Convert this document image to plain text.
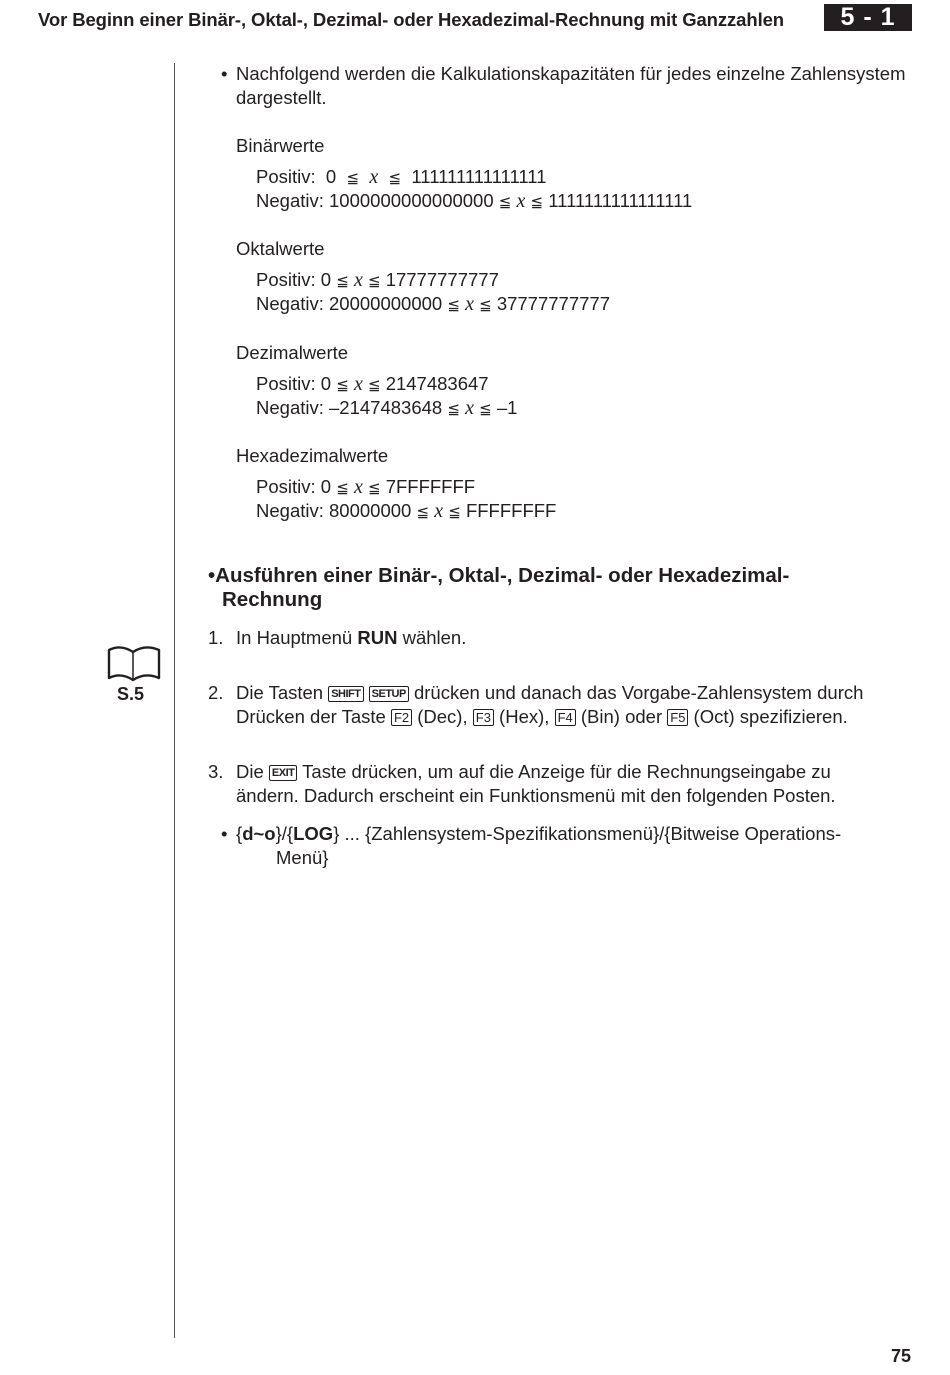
Vor Beginn einer Binär-, Oktal-, Dezimal- oder Hexadezimal-Rechnung mit Ganzzahlen	5 - 1
• Nachfolgend werden die Kalkulationskapazitäten für jedes einzelne Zahlensystem
dargestellt.
Binärwerte
Positiv: 0 ≦ x ≦ 111111111111111
Negativ: 1000000000000000 ≦ x ≦ 1111111111111111
Oktalwerte
Positiv: 0 ≦ x ≦ 17777777777
Negativ: 20000000000 ≦ x ≦ 37777777777
Dezimalwerte
Positiv: 0 ≦ x ≦ 2147483647
Negativ: –2147483648 ≦ x ≦ –1
Hexadezimalwerte
Positiv: 0 ≦ x ≦ 7FFFFFFF
Negativ: 80000000 ≦ x ≦ FFFFFFFF
•Ausführen einer Binär-, Oktal-, Dezimal- oder Hexadezimal-
Rechnung
1. In Hauptmenü RUN wählen.
S.5	2. Die Tasten SHIFT SETUP drücken und danach das Vorgabe-Zahlensystem durch
Drücken der Taste F2 (Dec), F3 (Hex), F4 (Bin) oder F5 (Oct) spezifizieren.
3. Die EXIT Taste drücken, um auf die Anzeige für die Rechnungseingabe zu
ändern. Dadurch erscheint ein Funktionsmenü mit den folgenden Posten.
• {d~o}/{LOG} ... {Zahlensystem-Spezifikationsmenü}/{Bitweise Operations-
Menü}
75
